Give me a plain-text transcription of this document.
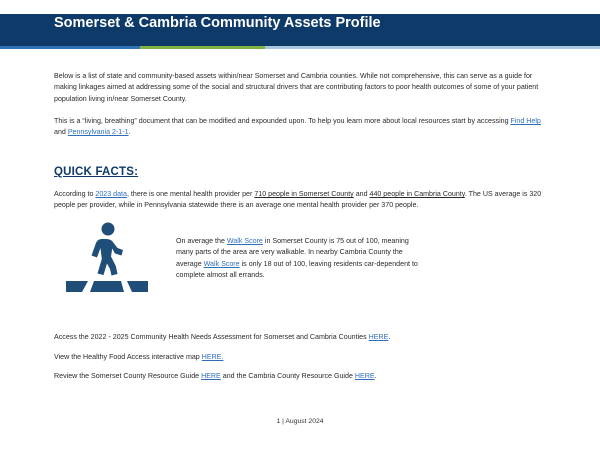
Somerset & Cambria Community Assets Profile
Below is a list of state and community-based assets within/near Somerset and Cambria counties. While not comprehensive, this can serve as a guide for making linkages aimed at addressing some of the social and structural drivers that are contributing factors to poor health outcomes of some of your patient population living in/near Somerset County.
This is a “living, breathing” document that can be modified and expounded upon. To help you learn more about local resources start by accessing Find Help and Pennsylvania 2-1-1.
QUICK FACTS:
According to 2023 data, there is one mental health provider per 710 people in Somerset County and 440 people in Cambria County. The US average is 320 people per provider, while in Pennsylvania statewide there is an average one mental health provider per 370 people.
On average the Walk Score in Somerset County is 75 out of 100, meaning many parts of the area are very walkable. In nearby Cambria County the average Walk Score is only 18 out of 100, leaving residents car-dependent to complete almost all errands.
Access the 2022 - 2025 Community Health Needs Assessment for Somerset and Cambria Counties HERE.
View the Healthy Food Access interactive map HERE.
Review the Somerset County Resource Guide HERE and the Cambria County Resource Guide HERE.
1 | August 2024
